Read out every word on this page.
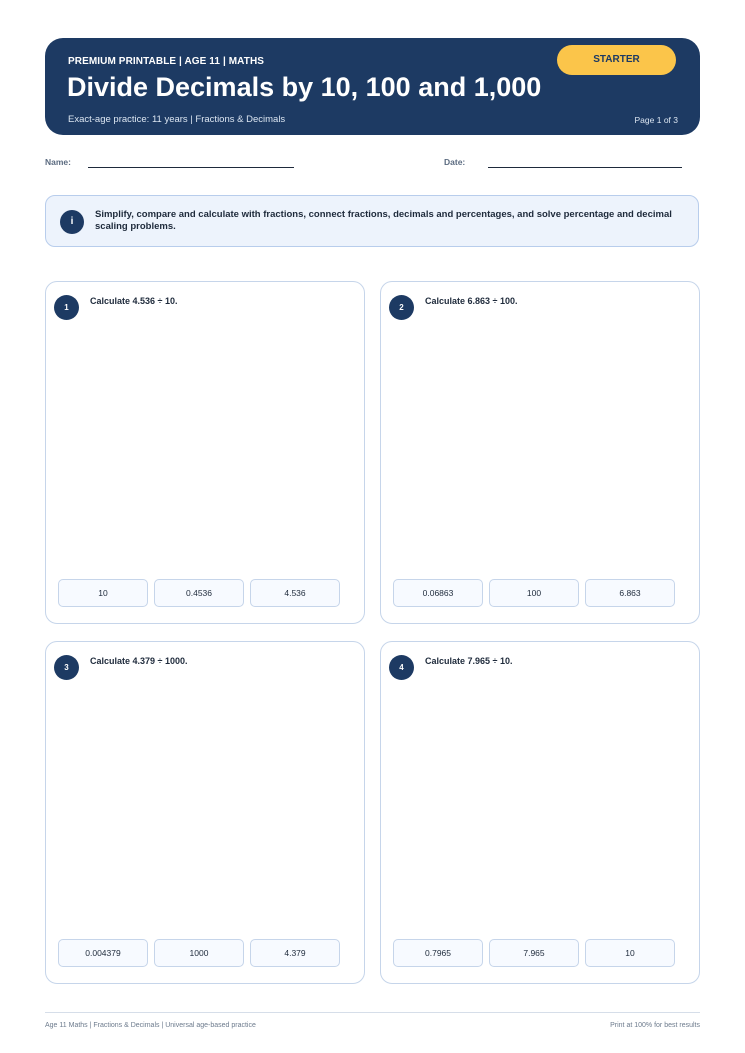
PREMIUM PRINTABLE | AGE 11 | MATHS
Divide Decimals by 10, 100 and 1,000
Exact-age practice: 11 years | Fractions & Decimals	Page 1 of 3
STARTER
Name:	Date:
i
Simplify, compare and calculate with fractions, connect fractions, decimals and percentages, and solve percentage and decimal scaling problems.
1
Calculate 4.536 ÷ 10.
10	0.4536	4.536
2
Calculate 6.863 ÷ 100.
0.06863	100	6.863
3
Calculate 4.379 ÷ 1000.
0.004379	1000	4.379
4
Calculate 7.965 ÷ 10.
0.7965	7.965	10
Age 11 Maths | Fractions & Decimals | Universal age-based practice	Print at 100% for best results
